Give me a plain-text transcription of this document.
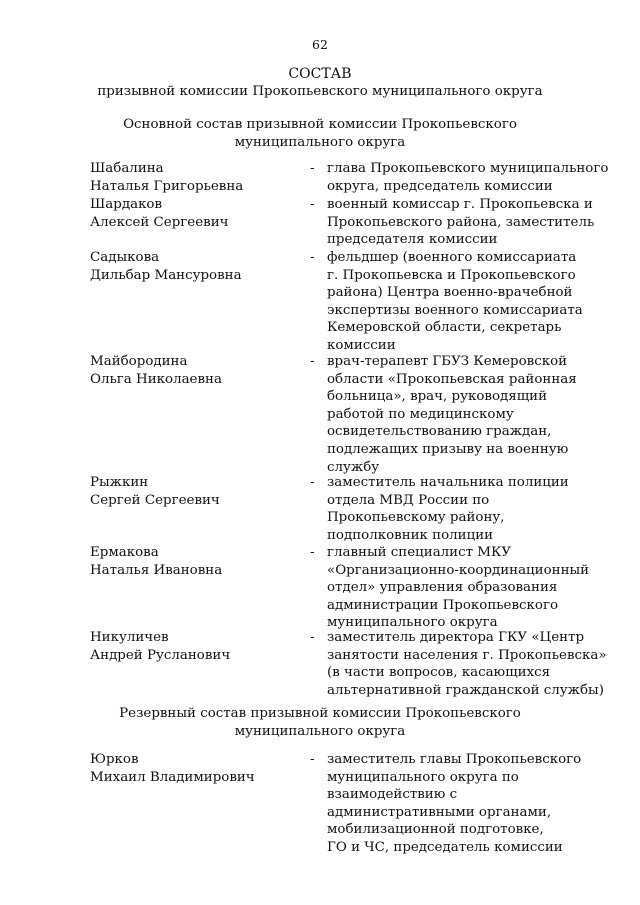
62
СОСТАВ
призывной комиссии Прокопьевского муниципального округа
Основной состав призывной комиссии Прокопьевского
муниципального округа
Шабалина
Наталья Григорьевна
- глава Прокопьевского муниципального
округа, председатель комиссии
Шардаков
Алексей Сергеевич
- военный комиссар г. Прокопьевска и
Прокопьевского района, заместитель
председателя комиссии
Садыкова
Дильбар Мансуровна
- фельдшер (военного комиссариата
г. Прокопьевска и Прокопьевского
района) Центра военно-врачебной
экспертизы военного комиссариата
Кемеровской области, секретарь
комиссии
Майбородина
Ольга Николаевна
- врач-терапевт ГБУЗ Кемеровской
области «Прокопьевская районная
больница», врач, руководящий
работой по медицинскому
освидетельствованию граждан,
подлежащих призыву на военную
службу
Рыжкин
Сергей Сергеевич
- заместитель начальника полиции
отдела МВД России по
Прокопьевскому району,
подполковник полиции
Ермакова
Наталья Ивановна
- главный специалист МКУ
«Организационно-координационный
отдел» управления образования
администрации Прокопьевского
муниципального округа
Никуличев
Андрей Русланович
- заместитель директора ГКУ «Центр
занятости населения г. Прокопьевска»
(в части вопросов, касающихся
альтернативной гражданской службы)
Резервный состав призывной комиссии Прокопьевского
муниципального округа
Юрков
Михаил Владимирович
- заместитель главы Прокопьевского
муниципального округа по
взаимодействию с
административными органами,
мобилизационной подготовке,
ГО и ЧС, председатель комиссии
